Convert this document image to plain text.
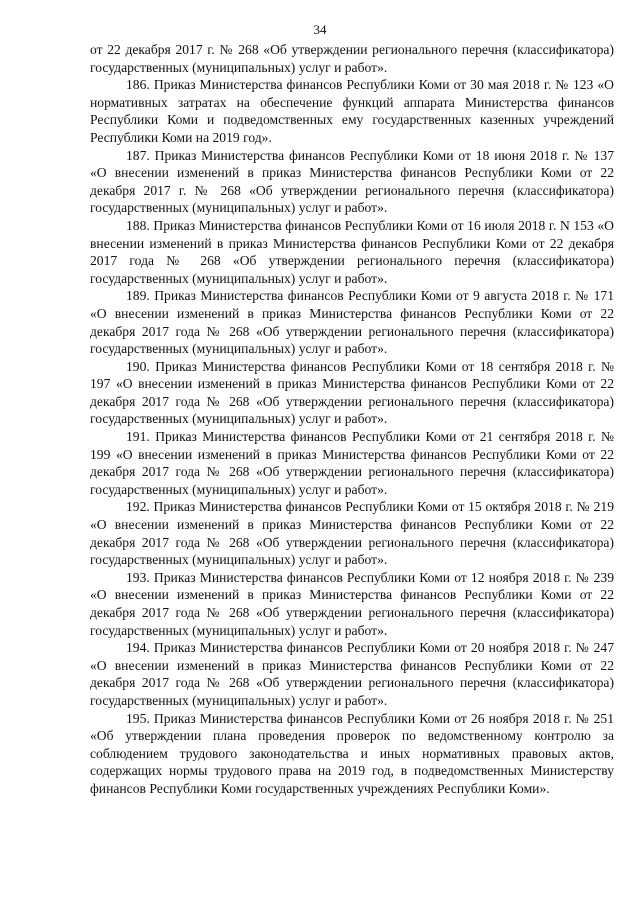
34

от 22 декабря 2017 г. № 268 «Об утверждении регионального перечня (классификатора) государственных (муниципальных) услуг и работ».

186. Приказ Министерства финансов Республики Коми от 30 мая 2018 г. № 123 «О нормативных затратах на обеспечение функций аппарата Министерства финансов Республики Коми и подведомственных ему государственных казенных учреждений Республики Коми на 2019 год».

187. Приказ Министерства финансов Республики Коми от 18 июня 2018 г. № 137 «О внесении изменений в приказ Министерства финансов Республики Коми от 22 декабря 2017 г. № 268 «Об утверждении регионального перечня (классификатора) государственных (муниципальных) услуг и работ».

188. Приказ Министерства финансов Республики Коми от 16 июля 2018 г. N 153 «О внесении изменений в приказ Министерства финансов Республики Коми от 22 декабря 2017 года № 268 «Об утверждении регионального перечня (классификатора) государственных (муниципальных) услуг и работ».

189. Приказ Министерства финансов Республики Коми от 9 августа 2018 г. № 171 «О внесении изменений в приказ Министерства финансов Республики Коми от 22 декабря 2017 года № 268 «Об утверждении регионального перечня (классификатора) государственных (муниципальных) услуг и работ».

190. Приказ Министерства финансов Республики Коми от 18 сентября 2018 г. № 197 «О внесении изменений в приказ Министерства финансов Республики Коми от 22 декабря 2017 года № 268 «Об утверждении регионального перечня (классификатора) государственных (муниципальных) услуг и работ».

191. Приказ Министерства финансов Республики Коми от 21 сентября 2018 г. № 199 «О внесении изменений в приказ Министерства финансов Республики Коми от 22 декабря 2017 года № 268 «Об утверждении регионального перечня (классификатора) государственных (муниципальных) услуг и работ».

192. Приказ Министерства финансов Республики Коми от 15 октября 2018 г. № 219 «О внесении изменений в приказ Министерства финансов Республики Коми от 22 декабря 2017 года № 268 «Об утверждении регионального перечня (классификатора) государственных (муниципальных) услуг и работ».

193. Приказ Министерства финансов Республики Коми от 12 ноября 2018 г. № 239 «О внесении изменений в приказ Министерства финансов Республики Коми от 22 декабря 2017 года № 268 «Об утверждении регионального перечня (классификатора) государственных (муниципальных) услуг и работ».

194. Приказ Министерства финансов Республики Коми от 20 ноября 2018 г. № 247 «О внесении изменений в приказ Министерства финансов Республики Коми от 22 декабря 2017 года № 268 «Об утверждении регионального перечня (классификатора) государственных (муниципальных) услуг и работ».

195. Приказ Министерства финансов Республики Коми от 26 ноября 2018 г. № 251 «Об утверждении плана проведения проверок по ведомственному контролю за соблюдением трудового законодательства и иных нормативных правовых актов, содержащих нормы трудового права на 2019 год, в подведомственных Министерству финансов Республики Коми государственных учреждениях Республики Коми».
